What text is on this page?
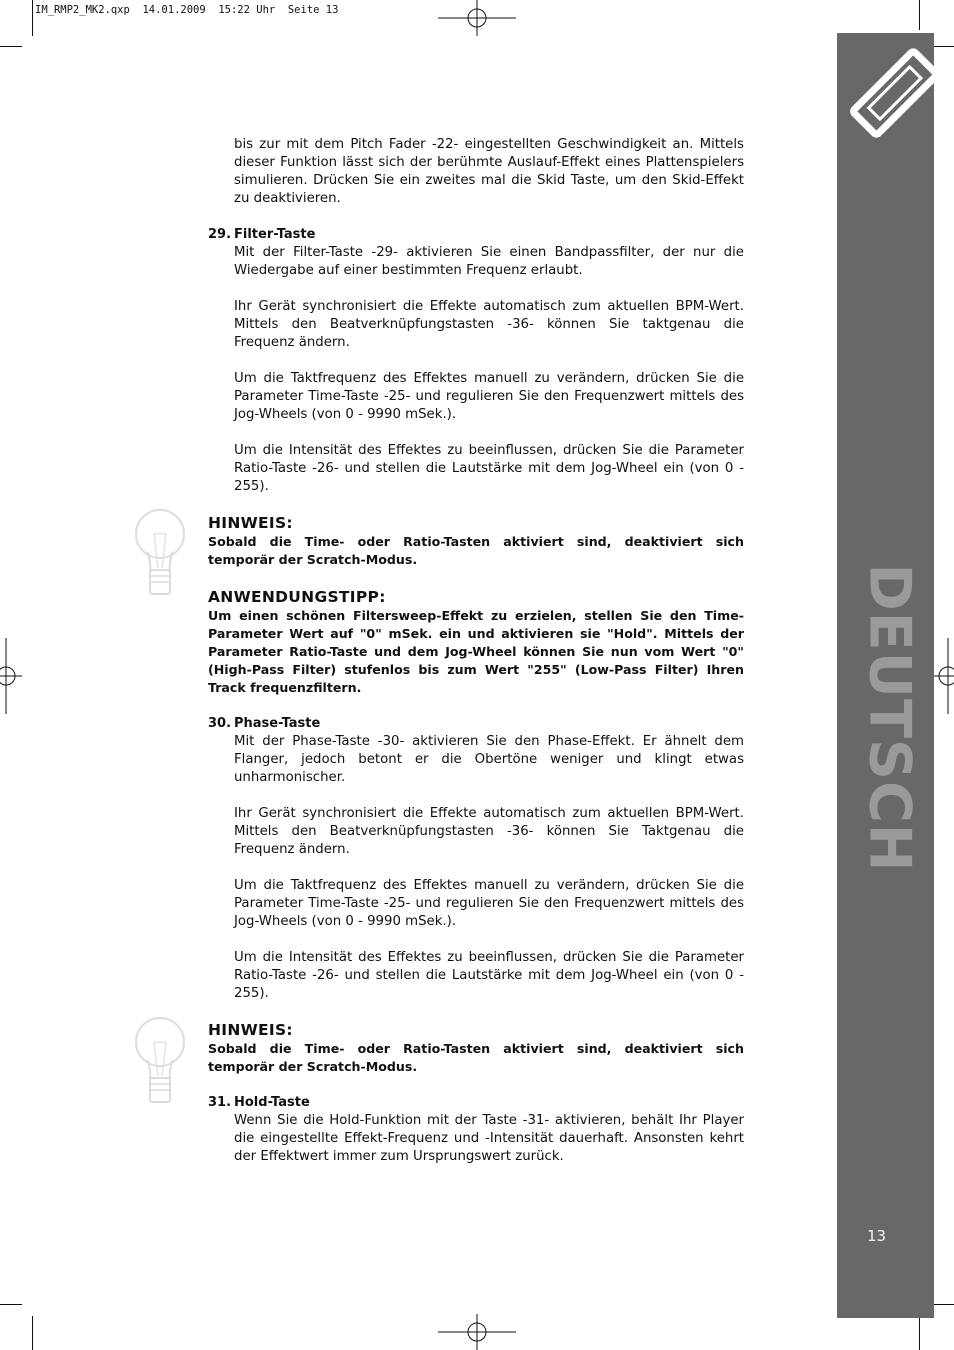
IM_RMP2_MK2.qxp  14.01.2009  15:22 Uhr  Seite 13
DEUTSCH
13

bis zur mit dem Pitch Fader -22- eingestellten Geschwindigkeit an. Mittels dieser Funktion lässt sich der berühmte Auslauf-Effekt eines Plattenspielers simulieren. Drücken Sie ein zweites mal die Skid Taste, um den Skid-Effekt zu deaktivieren.

29. Filter-Taste

Mit der Filter-Taste -29- aktivieren Sie einen Bandpassfilter, der nur die Wiedergabe auf einer bestimmten Frequenz erlaubt.

Ihr Gerät synchronisiert die Effekte automatisch zum aktuellen BPM-Wert. Mittels den Beatverknüpfungstasten -36- können Sie taktgenau die Frequenz ändern.

Um die Taktfrequenz des Effektes manuell zu verändern, drücken Sie die Parameter Time-Taste -25- und regulieren Sie den Frequenzwert mittels des Jog-Wheels (von 0 - 9990 mSek.).

Um die Intensität des Effektes zu beeinflussen, drücken Sie die Parameter Ratio-Taste -26- und stellen die Lautstärke mit dem Jog-Wheel ein (von 0 - 255).

HINWEIS:

Sobald die Time- oder Ratio-Tasten aktiviert sind, deaktiviert sich temporär der Scratch-Modus.

ANWENDUNGSTIPP:

Um einen schönen Filtersweep-Effekt zu erzielen, stellen Sie den Time-Parameter Wert auf "0" mSek. ein und aktivieren sie "Hold". Mittels der Parameter Ratio-Taste und dem Jog-Wheel können Sie nun vom Wert "0" (High-Pass Filter) stufenlos bis zum Wert "255" (Low-Pass Filter) Ihren Track frequenzfiltern.

30. Phase-Taste

Mit der Phase-Taste -30- aktivieren Sie den Phase-Effekt. Er ähnelt dem Flanger, jedoch betont er die Obertöne weniger und klingt etwas unharmonischer.

Ihr Gerät synchronisiert die Effekte automatisch zum aktuellen BPM-Wert. Mittels den Beatverknüpfungstasten -36- können Sie Taktgenau die Frequenz ändern.

Um die Taktfrequenz des Effektes manuell zu verändern, drücken Sie die Parameter Time-Taste -25- und regulieren Sie den Frequenzwert mittels des Jog-Wheels (von 0 - 9990 mSek.).

Um die Intensität des Effektes zu beeinflussen, drücken Sie die Parameter Ratio-Taste -26- und stellen die Lautstärke mit dem Jog-Wheel ein (von 0 - 255).

HINWEIS:

Sobald die Time- oder Ratio-Tasten aktiviert sind, deaktiviert sich temporär der Scratch-Modus.

31. Hold-Taste

Wenn Sie die Hold-Funktion mit der Taste -31- aktivieren, behält Ihr Player die eingestellte Effekt-Frequenz und -Intensität dauerhaft. Ansonsten kehrt der Effektwert immer zum Ursprungswert zurück.
